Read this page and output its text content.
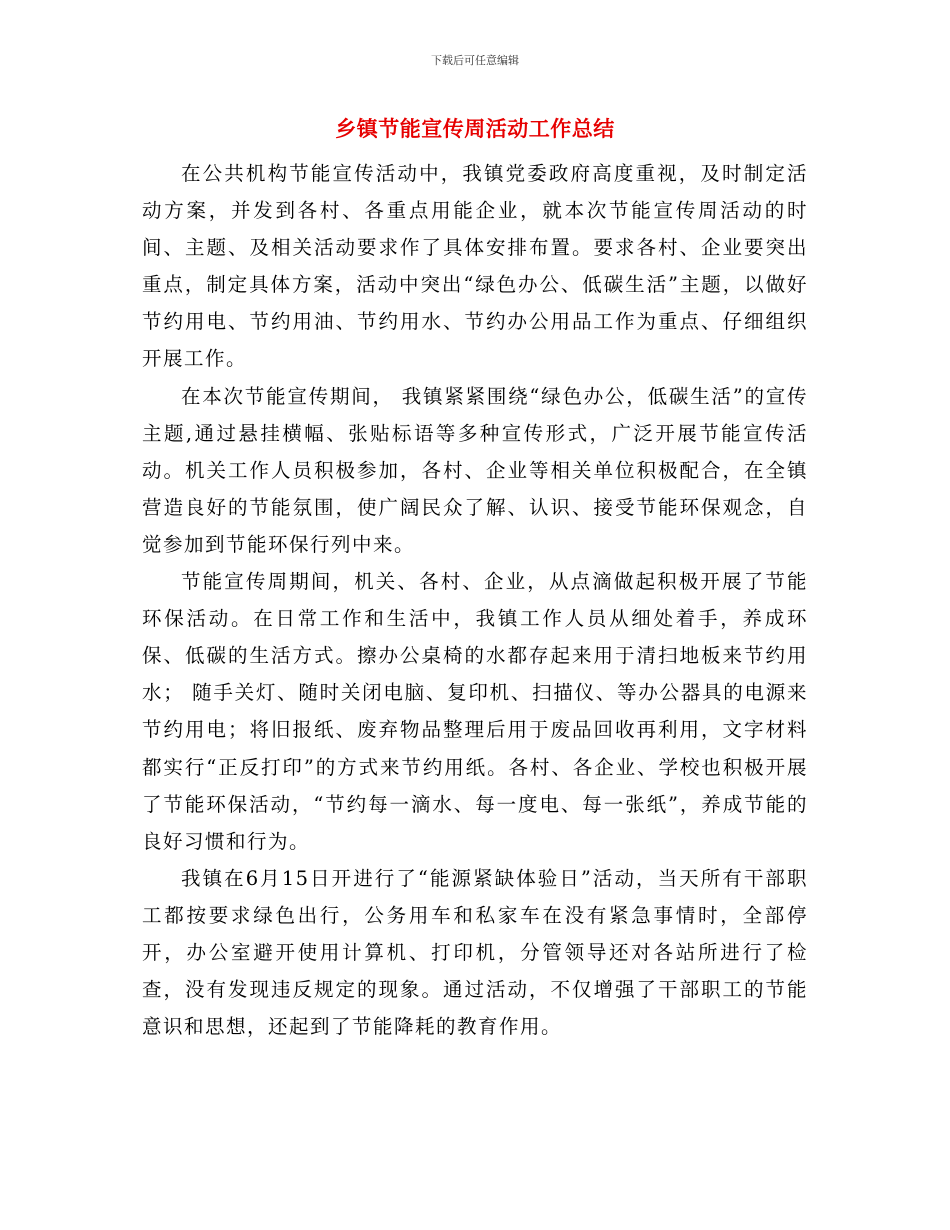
下载后可任意编辑
乡镇节能宣传周活动工作总结

在公共机构节能宣传活动中，我镇党委政府高度重视，及时制定活动方案，并发到各村、各重点用能企业，就本次节能宣传周活动的时间、主题、及相关活动要求作了具体安排布置。要求各村、企业要突出重点，制定具体方案，活动中突出“绿色办公、低碳生活”主题，以做好节约用电、节约用油、节约用水、节约办公用品工作为重点、仔细组织开展工作。

在本次节能宣传期间， 我镇紧紧围绕“绿色办公，低碳生活”的宣传主题,通过悬挂横幅、张贴标语等多种宣传形式，广泛开展节能宣传活动。机关工作人员积极参加，各村、企业等相关单位积极配合，在全镇营造良好的节能氛围，使广阔民众了解、认识、接受节能环保观念，自觉参加到节能环保行列中来。

节能宣传周期间，机关、各村、企业，从点滴做起积极开展了节能环保活动。在日常工作和生活中，我镇工作人员从细处着手，养成环保、低碳的生活方式。擦办公桌椅的水都存起来用于清扫地板来节约用水； 随手关灯、随时关闭电脑、复印机、扫描仪、等办公器具的电源来节约用电；将旧报纸、废弃物品整理后用于废品回收再利用，文字材料都实行“正反打印”的方式来节约用纸。各村、各企业、学校也积极开展了节能环保活动，“节约每一滴水、每一度电、每一张纸”，养成节能的良好习惯和行为。

我镇在6月15日开进行了“能源紧缺体验日”活动，当天所有干部职工都按要求绿色出行，公务用车和私家车在没有紧急事情时，全部停开，办公室避开使用计算机、打印机，分管领导还对各站所进行了检查，没有发现违反规定的现象。通过活动，不仅增强了干部职工的节能意识和思想，还起到了节能降耗的教育作用。
